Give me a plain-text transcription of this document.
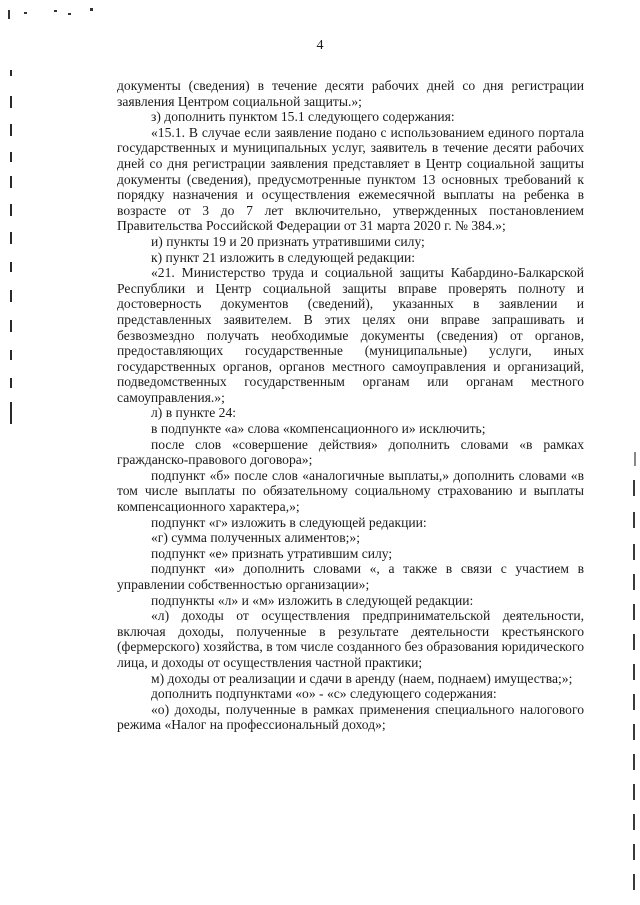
4

документы (сведения) в течение десяти рабочих дней со дня регистрации заявления Центром социальной защиты.»;

з) дополнить пунктом 15.1 следующего содержания:

«15.1. В случае если заявление подано с использованием единого портала государственных и муниципальных услуг, заявитель в течение десяти рабочих дней со дня регистрации заявления представляет в Центр социальной защиты документы (сведения), предусмотренные пунктом 13 основных требований к порядку назначения и осуществления ежемесячной выплаты на ребенка в возрасте от 3 до 7 лет включительно, утвержденных постановлением Правительства Российской Федерации от 31 марта 2020 г. № 384.»;

и) пункты 19 и 20 признать утратившими силу;

к) пункт 21 изложить в следующей редакции:

«21. Министерство труда и социальной защиты Кабардино-Балкарской Республики и Центр социальной защиты вправе проверять полноту и достоверность документов (сведений), указанных в заявлении и представленных заявителем. В этих целях они вправе запрашивать и безвозмездно получать необходимые документы (сведения) от органов, предоставляющих государственные (муниципальные) услуги, иных государственных органов, органов местного самоуправления и организаций, подведомственных государственным органам или органам местного самоуправления.»;

л) в пункте 24:

в подпункте «а» слова «компенсационного и» исключить;

после слов «совершение действия» дополнить словами «в рамках гражданско-правового договора»;

подпункт «б» после слов «аналогичные выплаты,» дополнить словами «в том числе выплаты по обязательному социальному страхованию и выплаты компенсационного характера,»;

подпункт «г» изложить в следующей редакции:

«г) сумма полученных алиментов;»;

подпункт «е» признать утратившим силу;

подпункт «и» дополнить словами «, а также в связи с участием в управлении собственностью организации»;

подпункты «л» и «м» изложить в следующей редакции:

«л) доходы от осуществления предпринимательской деятельности, включая доходы, полученные в результате деятельности крестьянского (фермерского) хозяйства, в том числе созданного без образования юридического лица, и доходы от осуществления частной практики;

м) доходы от реализации и сдачи в аренду (наем, поднаем) имущества;»;

дополнить подпунктами «о» - «с» следующего содержания:

«о) доходы, полученные в рамках применения специального налогового режима «Налог на профессиональный доход»;
